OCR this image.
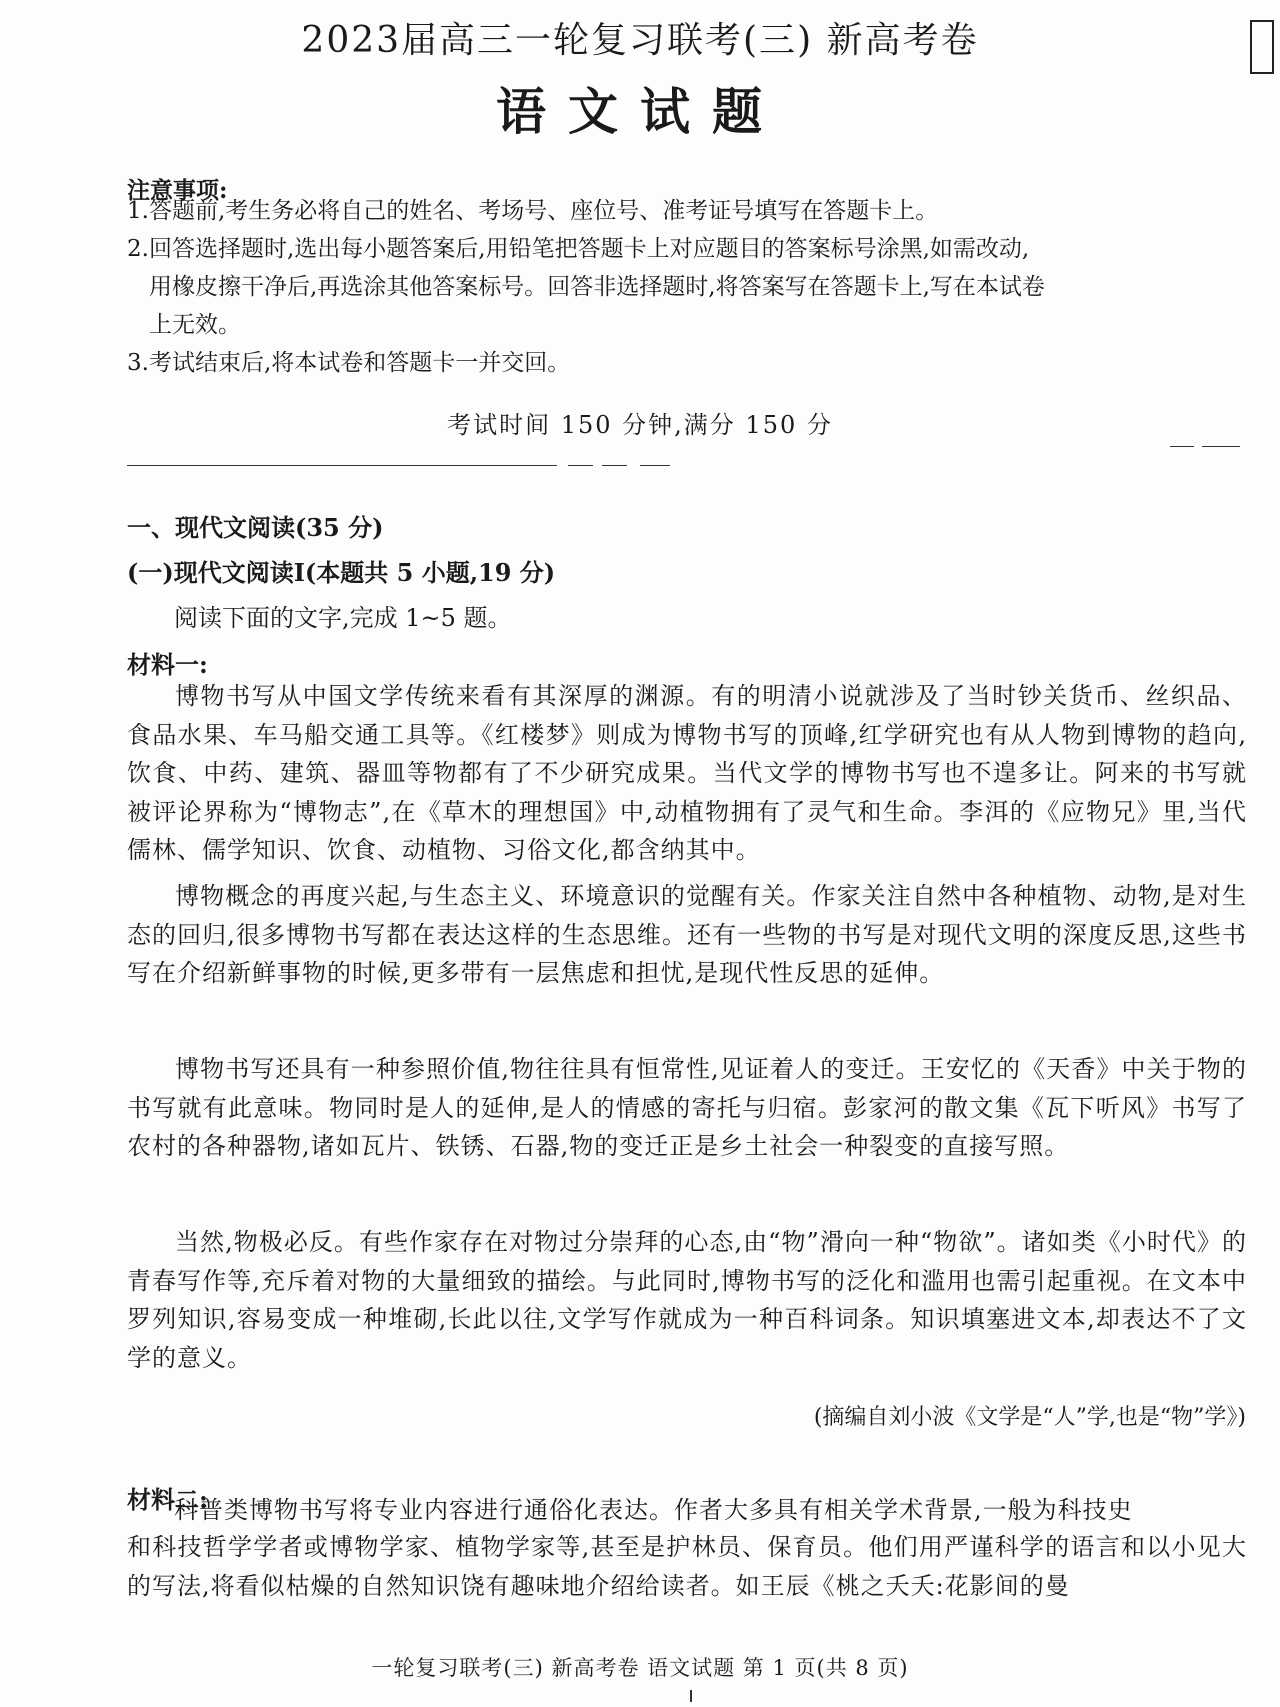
2023届高三一轮复习联考(三) 新高考卷
语文试题
注意事项:
1.答题前,考生务必将自己的姓名、考场号、座位号、准考证号填写在答题卡上。
2.回答选择题时,选出每小题答案后,用铅笔把答题卡上对应题目的答案标号涂黑,如需改动,
用橡皮擦干净后,再选涂其他答案标号。回答非选择题时,将答案写在答题卡上,写在本试卷
上无效。
3.考试结束后,将本试卷和答题卡一并交回。
考试时间 150 分钟,满分 150 分
一、现代文阅读(35 分)
(一)现代文阅读Ⅰ(本题共 5 小题,19 分)
阅读下面的文字,完成 1~5 题。
材料一:
博物书写从中国文学传统来看有其深厚的渊源。有的明清小说就涉及了当时钞关货币、丝织品、食品水果、车马船交通工具等。《红楼梦》则成为博物书写的顶峰,红学研究也有从人物到博物的趋向,饮食、中药、建筑、器皿等物都有了不少研究成果。当代文学的博物书写也不遑多让。阿来的书写就被评论界称为“博物志”,在《草木的理想国》中,动植物拥有了灵气和生命。李洱的《应物兄》里,当代儒林、儒学知识、饮食、动植物、习俗文化,都含纳其中。
博物概念的再度兴起,与生态主义、环境意识的觉醒有关。作家关注自然中各种植物、动物,是对生态的回归,很多博物书写都在表达这样的生态思维。还有一些物的书写是对现代文明的深度反思,这些书写在介绍新鲜事物的时候,更多带有一层焦虑和担忧,是现代性反思的延伸。
博物书写还具有一种参照价值,物往往具有恒常性,见证着人的变迁。王安忆的《天香》中关于物的书写就有此意味。物同时是人的延伸,是人的情感的寄托与归宿。彭家河的散文集《瓦下听风》书写了农村的各种器物,诸如瓦片、铁锈、石器,物的变迁正是乡土社会一种裂变的直接写照。
当然,物极必反。有些作家存在对物过分崇拜的心态,由“物”滑向一种“物欲”。诸如类《小时代》的青春写作等,充斥着对物的大量细致的描绘。与此同时,博物书写的泛化和滥用也需引起重视。在文本中罗列知识,容易变成一种堆砌,长此以往,文学写作就成为一种百科词条。知识填塞进文本,却表达不了文学的意义。
(摘编自刘小波《文学是“人”学,也是“物”学》)
材料二:
科普类博物书写将专业内容进行通俗化表达。作者大多具有相关学术背景,一般为科技史
和科技哲学学者或博物学家、植物学家等,甚至是护林员、保育员。他们用严谨科学的语言和以小见大的写法,将看似枯燥的自然知识饶有趣味地介绍给读者。如王辰《桃之夭夭:花影间的曼
一轮复习联考(三) 新高考卷 语文试题 第 1 页(共 8 页)
